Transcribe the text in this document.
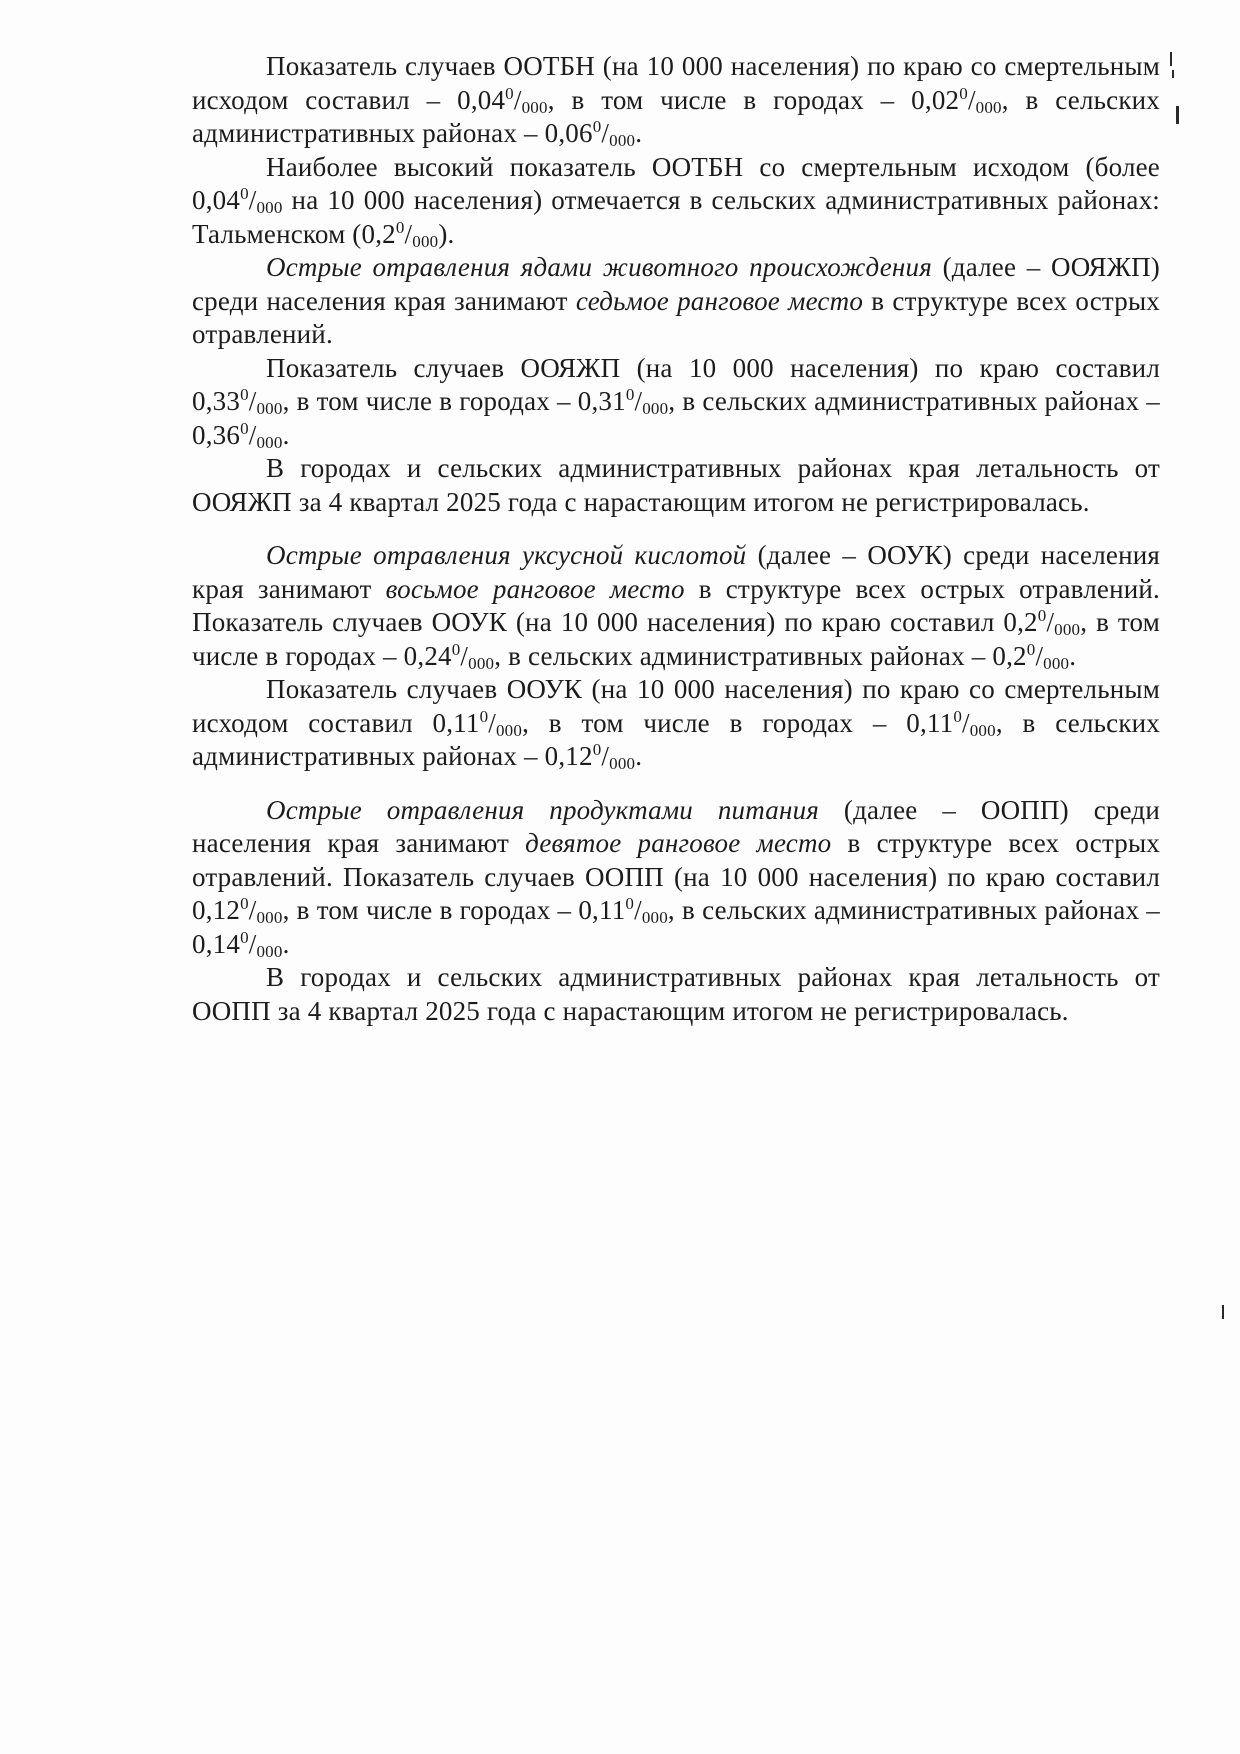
Показатель случаев ООТБН (на 10 000 населения) по краю со смертельным исходом составил – $0,04^0/_{000}$, в том числе в городах – $0,02^0/_{000}$, в сельских административных районах – $0,06^0/_{000}$.

Наиболее высокий показатель ООТБН со смертельным исходом (более $0,04^0/_{000}$ на 10 000 населения) отмечается в сельских административных районах: Тальменском $(0,2^0/_{000})$.

Острые отравления ядами животного происхождения (далее – ООЯЖП) среди населения края занимают седьмое ранговое место в структуре всех острых отравлений.

Показатель случаев ООЯЖП (на 10 000 населения) по краю составил $0,33^0/_{000}$, в том числе в городах – $0,31^0/_{000}$, в сельских административных районах – $0,36^0/_{000}$.

В городах и сельских административных районах края летальность от ООЯЖП за 4 квартал 2025 года с нарастающим итогом не регистрировалась.

Острые отравления уксусной кислотой (далее – ООУК) среди населения края занимают восьмое ранговое место в структуре всех острых отравлений. Показатель случаев ООУК (на 10 000 населения) по краю составил $0,2^0/_{000}$, в том числе в городах – $0,24^0/_{000}$, в сельских административных районах – $0,2^0/_{000}$.

Показатель случаев ООУК (на 10 000 населения) по краю со смертельным исходом составил $0,11^0/_{000}$, в том числе в городах – $0,11^0/_{000}$, в сельских административных районах – $0,12^0/_{000}$.

Острые отравления продуктами питания (далее – ООПП) среди населения края занимают девятое ранговое место в структуре всех острых отравлений. Показатель случаев ООПП (на 10 000 населения) по краю составил $0,12^0/_{000}$, в том числе в городах – $0,11^0/_{000}$, в сельских административных районах – $0,14^0/_{000}$.

В городах и сельских административных районах края летальность от ООПП за 4 квартал 2025 года с нарастающим итогом не регистрировалась.
